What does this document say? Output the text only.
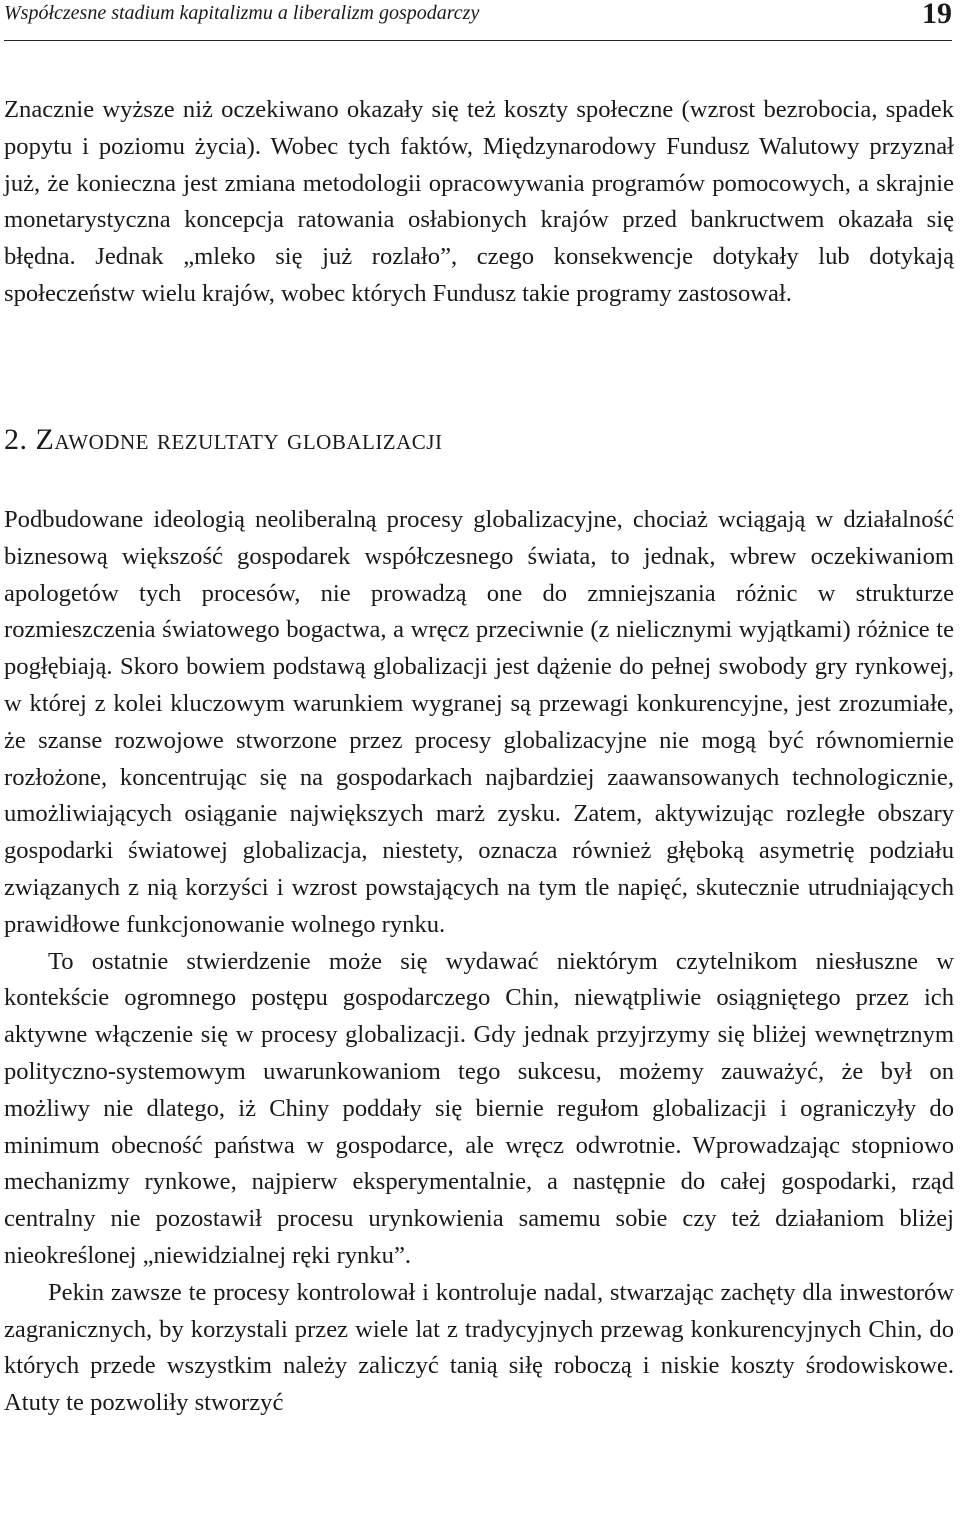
Współczesne stadium kapitalizmu a liberalizm gospodarczy	19

Znacznie wyższe niż oczekiwano okazały się też koszty społeczne (wzrost bezrobocia, spadek popytu i poziomu życia). Wobec tych faktów, Międzynarodowy Fundusz Walutowy przyznał już, że konieczna jest zmiana metodologii opracowywania programów pomocowych, a skrajnie monetarystyczna koncepcja ratowania osłabionych krajów przed bankructwem okazała się błędna. Jednak „mleko się już rozlało”, czego konsekwencje dotykały lub dotykają społeczeństw wielu krajów, wobec których Fundusz takie programy zastosował.

2. Zawodne rezultaty globalizacji

Podbudowane ideologią neoliberalną procesy globalizacyjne, chociaż wciągają w działalność biznesową większość gospodarek współczesnego świata, to jednak, wbrew oczekiwaniom apologetów tych procesów, nie prowadzą one do zmniejszania różnic w strukturze rozmieszczenia światowego bogactwa, a wręcz przeciwnie (z nielicznymi wyjątkami) różnice te pogłębiają. Skoro bowiem podstawą globalizacji jest dążenie do pełnej swobody gry rynkowej, w której z kolei kluczowym warunkiem wygranej są przewagi konkurencyjne, jest zrozumiałe, że szanse rozwojowe stworzone przez procesy globalizacyjne nie mogą być równomiernie rozłożone, koncentrując się na gospodarkach najbardziej zaawansowanych technologicznie, umożliwiających osiąganie największych marż zysku. Zatem, aktywizując rozległe obszary gospodarki światowej globalizacja, niestety, oznacza również głęboką asymetrię podziału związanych z nią korzyści i wzrost powstających na tym tle napięć, skutecznie utrudniających prawidłowe funkcjonowanie wolnego rynku.

To ostatnie stwierdzenie może się wydawać niektórym czytelnikom niesłuszne w kontekście ogromnego postępu gospodarczego Chin, niewątpliwie osiągniętego przez ich aktywne włączenie się w procesy globalizacji. Gdy jednak przyjrzymy się bliżej wewnętrznym polityczno-systemowym uwarunkowaniom tego sukcesu, możemy zauważyć, że był on możliwy nie dlatego, iż Chiny poddały się biernie regułom globalizacji i ograniczyły do minimum obecność państwa w gospodarce, ale wręcz odwrotnie. Wprowadzając stopniowo mechanizmy rynkowe, najpierw eksperymentalnie, a następnie do całej gospodarki, rząd centralny nie pozostawił procesu urynkowienia samemu sobie czy też działaniom bliżej nieokreślonej „niewidzialnej ręki rynku”.

Pekin zawsze te procesy kontrolował i kontroluje nadal, stwarzając zachęty dla inwestorów zagranicznych, by korzystali przez wiele lat z tradycyjnych przewag konkurencyjnych Chin, do których przede wszystkim należy zaliczyć tanią siłę roboczą i niskie koszty środowiskowe. Atuty te pozwoliły stworzyć
